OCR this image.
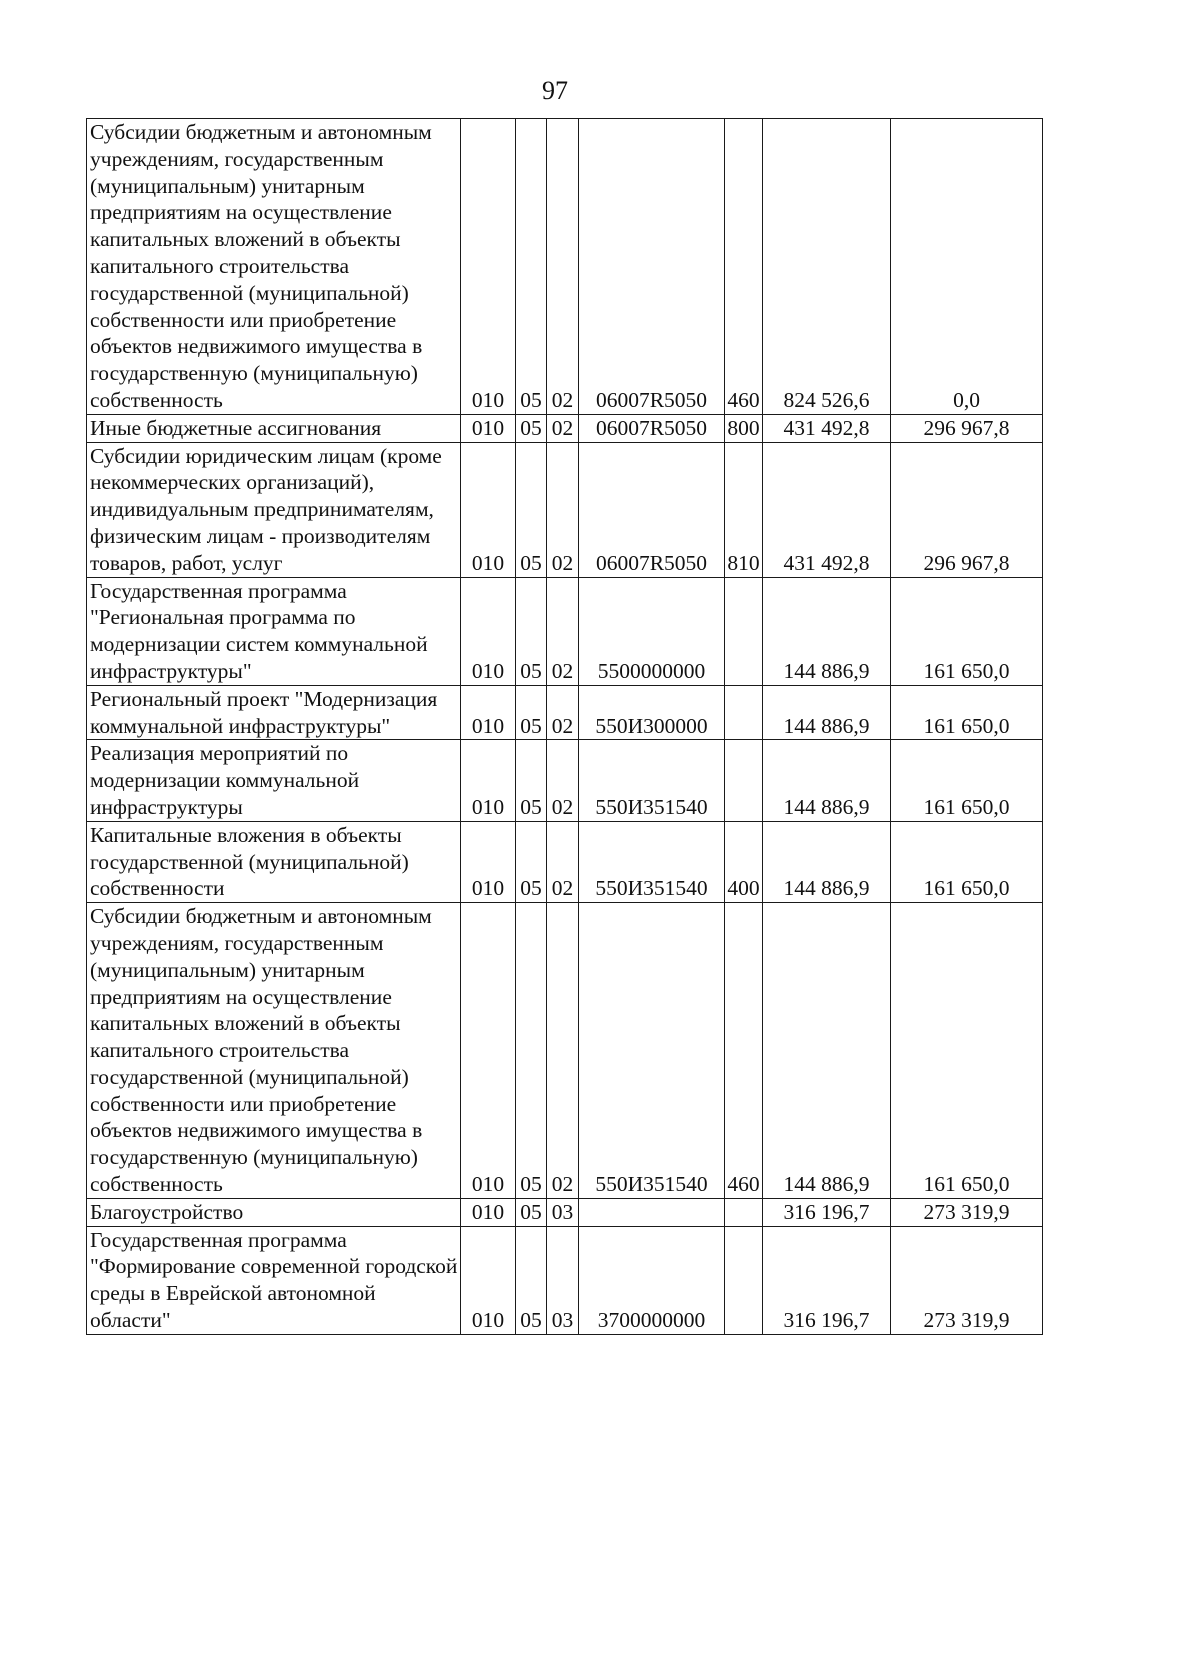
97
Субсидии бюджетным и автономным учреждениям, государственным (муниципальным) унитарным предприятиям на осуществление капитальных вложений в объекты капитального строительства государственной (муниципальной) собственности или приобретение объектов недвижимого имущества в государственную (муниципальную) собственность	010	05	02	06007R5050	460	824 526,6	0,0
Иные бюджетные ассигнования	010	05	02	06007R5050	800	431 492,8	296 967,8
Субсидии юридическим лицам (кроме некоммерческих организаций), индивидуальным предпринимателям, физическим лицам - производителям товаров, работ, услуг	010	05	02	06007R5050	810	431 492,8	296 967,8
Государственная программа "Региональная программа по модернизации систем коммунальной инфраструктуры"	010	05	02	5500000000		144 886,9	161 650,0
Региональный проект "Модернизация коммунальной инфраструктуры"	010	05	02	550И300000		144 886,9	161 650,0
Реализация мероприятий по модернизации коммунальной инфраструктуры	010	05	02	550И351540		144 886,9	161 650,0
Капитальные вложения в объекты государственной (муниципальной) собственности	010	05	02	550И351540	400	144 886,9	161 650,0
Субсидии бюджетным и автономным учреждениям, государственным (муниципальным) унитарным предприятиям на осуществление капитальных вложений в объекты капитального строительства государственной (муниципальной) собственности или приобретение объектов недвижимого имущества в государственную (муниципальную) собственность	010	05	02	550И351540	460	144 886,9	161 650,0
Благоустройство	010	05	03			316 196,7	273 319,9
Государственная программа "Формирование современной городской среды в Еврейской автономной области"	010	05	03	3700000000		316 196,7	273 319,9
